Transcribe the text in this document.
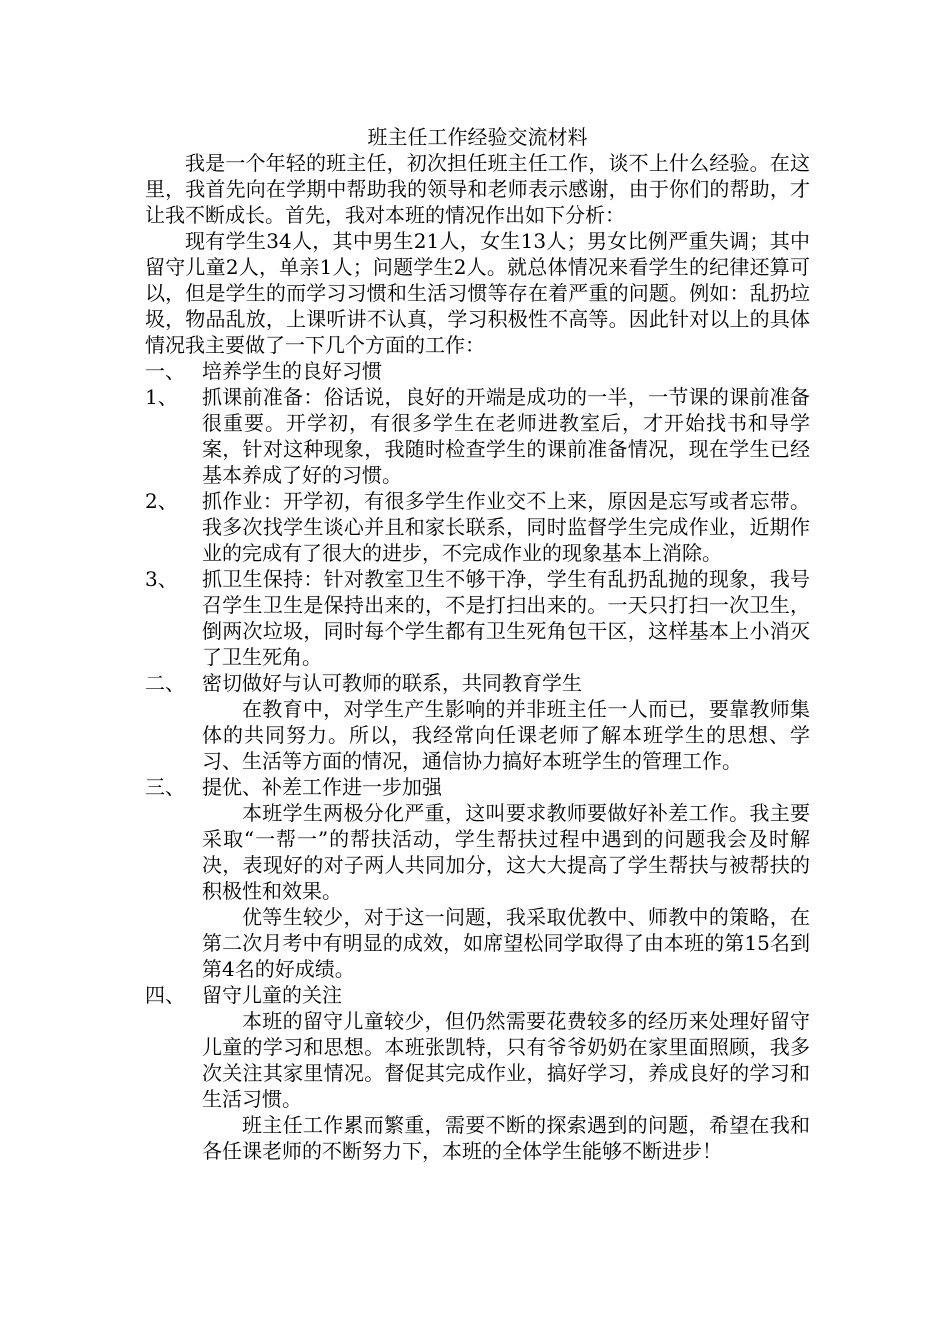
班主任工作经验交流材料

我是一个年轻的班主任，初次担任班主任工作，谈不上什么经验。在这里，我首先向在学期中帮助我的领导和老师表示感谢，由于你们的帮助，才让我不断成长。首先，我对本班的情况作出如下分析：

现有学生34人，其中男生21人，女生13人；男女比例严重失调；其中留守儿童2人，单亲1人；问题学生2人。就总体情况来看学生的纪律还算可以，但是学生的而学习习惯和生活习惯等存在着严重的问题。例如：乱扔垃圾，物品乱放，上课听讲不认真，学习积极性不高等。因此针对以上的具体情况我主要做了一下几个方面的工作：

一、 培养学生的良好习惯
1、	抓课前准备：俗话说，良好的开端是成功的一半，一节课的课前准备很重要。开学初，有很多学生在老师进教室后，才开始找书和导学案，针对这种现象，我随时检查学生的课前准备情况，现在学生已经基本养成了好的习惯。
2、	抓作业：开学初，有很多学生作业交不上来，原因是忘写或者忘带。我多次找学生谈心并且和家长联系，同时监督学生完成作业，近期作业的完成有了很大的进步，不完成作业的现象基本上消除。
3、	抓卫生保持：针对教室卫生不够干净，学生有乱扔乱抛的现象，我号召学生卫生是保持出来的，不是打扫出来的。一天只打扫一次卫生，倒两次垃圾，同时每个学生都有卫生死角包干区，这样基本上小消灭了卫生死角。
二、 密切做好与认可教师的联系，共同教育学生

在教育中，对学生产生影响的并非班主任一人而已，要靠教师集体的共同努力。所以，我经常向任课老师了解本班学生的思想、学习、生活等方面的情况，通信协力搞好本班学生的管理工作。

三、 提优、补差工作进一步加强

本班学生两极分化严重，这叫要求教师要做好补差工作。我主要采取“一帮一”的帮扶活动，学生帮扶过程中遇到的问题我会及时解决，表现好的对子两人共同加分，这大大提高了学生帮扶与被帮扶的积极性和效果。

优等生较少，对于这一问题，我采取优教中、师教中的策略，在第二次月考中有明显的成效，如席望松同学取得了由本班的第15名到第4名的好成绩。

四、 留守儿童的关注

本班的留守儿童较少，但仍然需要花费较多的经历来处理好留守儿童的学习和思想。本班张凯特，只有爷爷奶奶在家里面照顾，我多次关注其家里情况。督促其完成作业，搞好学习，养成良好的学习和生活习惯。

班主任工作累而繁重，需要不断的探索遇到的问题，希望在我和各任课老师的不断努力下，本班的全体学生能够不断进步！
